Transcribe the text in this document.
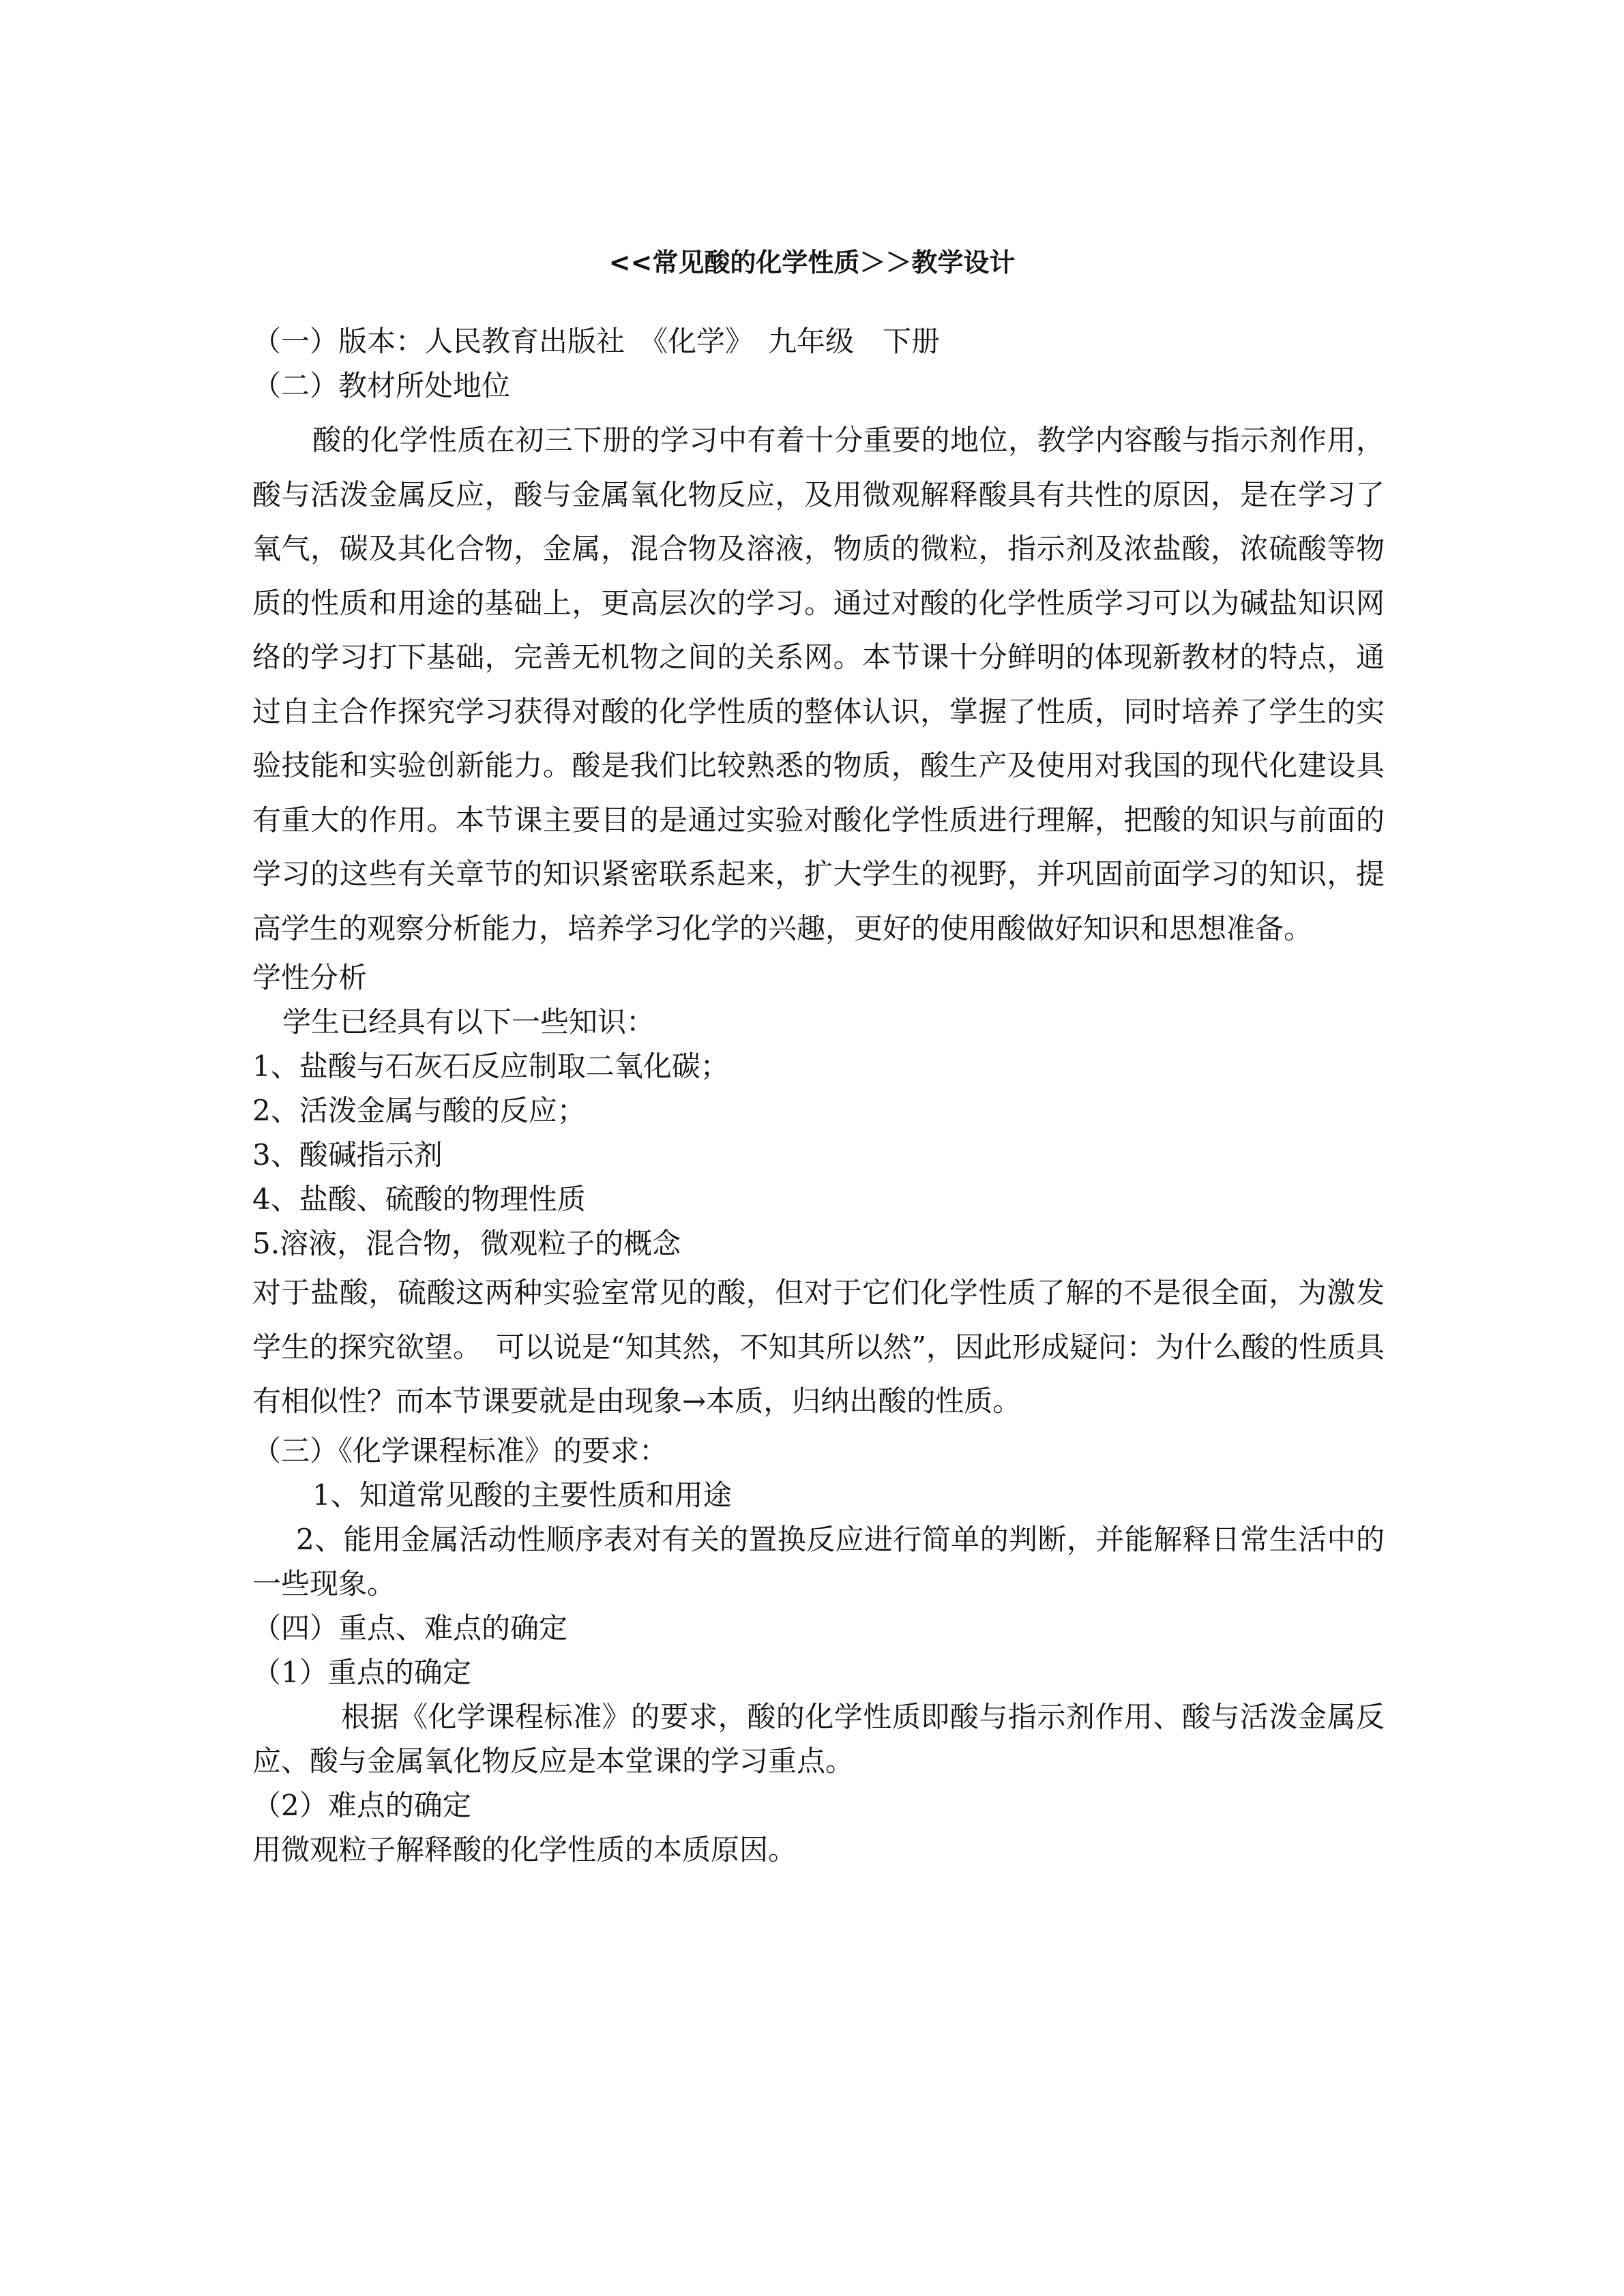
<<常见酸的化学性质＞＞教学设计
（一）版本：人民教育出版社　《化学》　九年级　下册
（二）教材所处地位

酸的化学性质在初三下册的学习中有着十分重要的地位，教学内容酸与指示剂作用，酸与活泼金属反应，酸与金属氧化物反应，及用微观解释酸具有共性的原因，是在学习了氧气，碳及其化合物，金属，混合物及溶液，物质的微粒，指示剂及浓盐酸，浓硫酸等物质的性质和用途的基础上，更高层次的学习。通过对酸的化学性质学习可以为碱盐知识网络的学习打下基础，完善无机物之间的关系网。本节课十分鲜明的体现新教材的特点，通过自主合作探究学习获得对酸的化学性质的整体认识，掌握了性质，同时培养了学生的实验技能和实验创新能力。酸是我们比较熟悉的物质，酸生产及使用对我国的现代化建设具有重大的作用。本节课主要目的是通过实验对酸化学性质进行理解，把酸的知识与前面的学习的这些有关章节的知识紧密联系起来，扩大学生的视野，并巩固前面学习的知识，提高学生的观察分析能力，培养学习化学的兴趣，更好的使用酸做好知识和思想准备。

学性分析
学生已经具有以下一些知识：
1、盐酸与石灰石反应制取二氧化碳；
2、活泼金属与酸的反应；
3、酸碱指示剂
4、盐酸、硫酸的物理性质
5.溶液，混合物，微观粒子的概念

对于盐酸，硫酸这两种实验室常见的酸，但对于它们化学性质了解的不是很全面，为激发学生的探究欲望。　可以说是“知其然，不知其所以然”，因此形成疑问：为什么酸的性质具有相似性？而本节课要就是由现象→本质，归纳出酸的性质。

（三）《化学课程标准》的要求：
1、知道常见酸的主要性质和用途

2、能用金属活动性顺序表对有关的置换反应进行简单的判断，并能解释日常生活中的一些现象。

（四）重点、难点的确定
（1）重点的确定

根据《化学课程标准》的要求，酸的化学性质即酸与指示剂作用、酸与活泼金属反应、酸与金属氧化物反应是本堂课的学习重点。

（2）难点的确定
用微观粒子解释酸的化学性质的本质原因。
